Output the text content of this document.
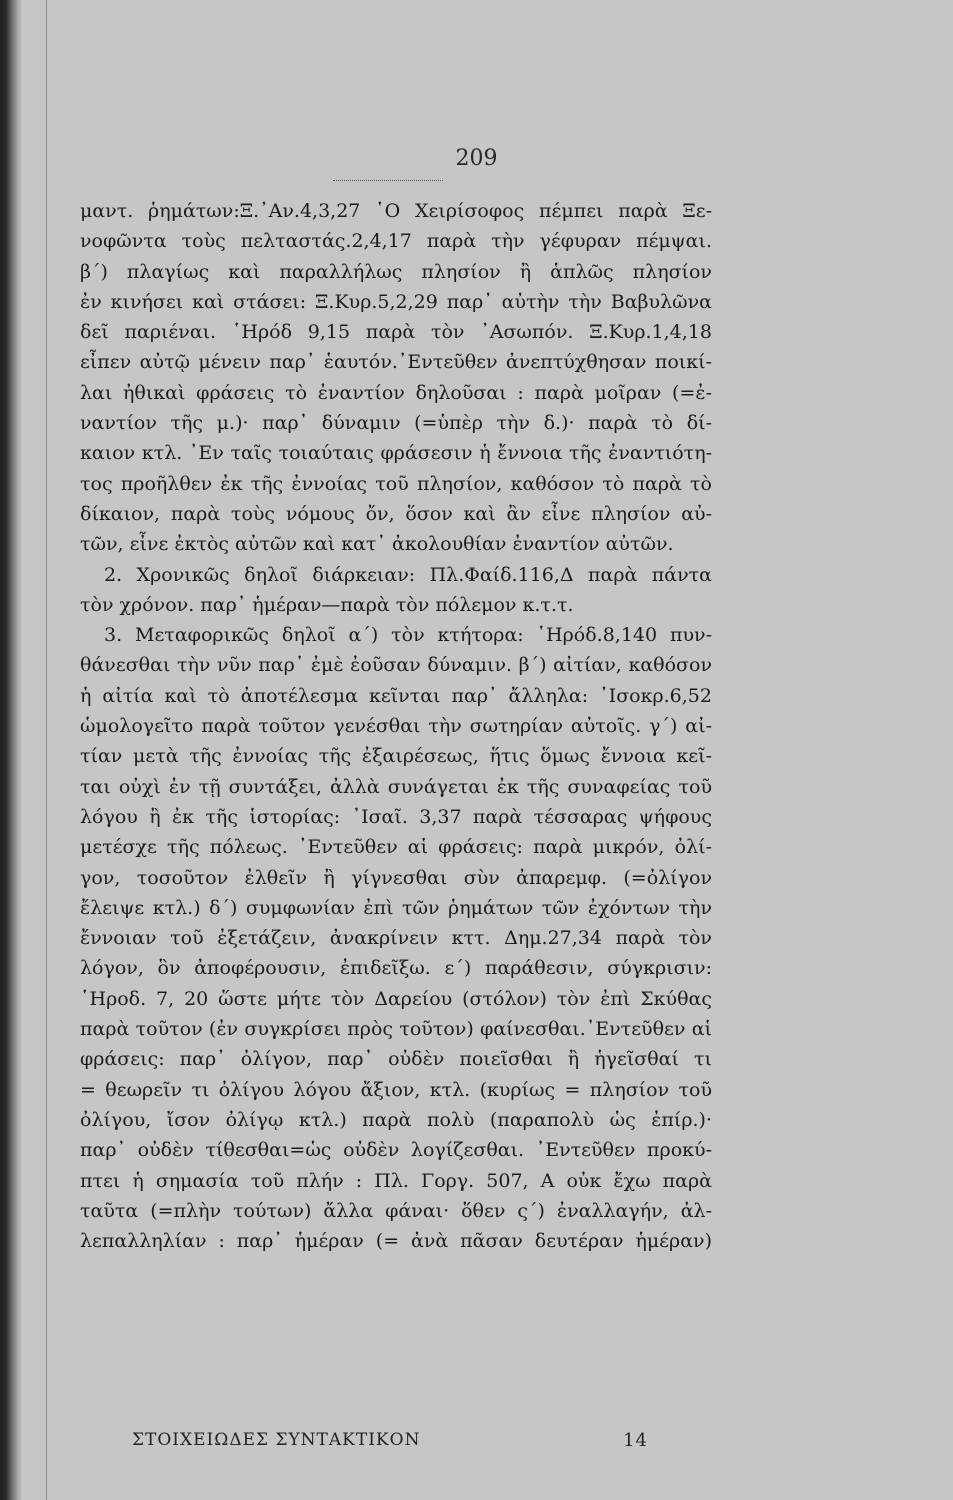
209
μαντ. ῥημάτων:Ξ.᾿Αν.4,3,27 ῾Ο Χειρίσοφος πέμπει παρὰ Ξε-
νοφῶντα τοὺς πελταστάς.2,4,17 παρὰ τὴν γέφυραν πέμψαι.
β΄) πλαγίως καὶ παραλλήλως πλησίον ἢ ἁπλῶς πλησίον
ἐν κινήσει καὶ στάσει: Ξ.Κυρ.5,2,29 παρ᾿ αὐτὴν τὴν Βαβυλῶνα
δεῖ παριέναι. ῾Ηρόδ 9,15 παρὰ τὸν ᾿Ασωπόν. Ξ.Κυρ.1,4,18
εἶπεν αὐτῷ μένειν παρ᾿ ἑαυτόν.᾿Εντεῦθεν ἀνεπτύχθησαν ποικί-
λαι ἠθικαὶ φράσεις τὸ ἐναντίον δηλοῦσαι : παρὰ μοῖραν (=ἐ-
ναντίον τῆς μ.)· παρ᾿ δύναμιν (=ὑπὲρ τὴν δ.)· παρὰ τὸ δί-
καιον κτλ. ᾿Εν ταῖς τοιαύταις φράσεσιν ἡ ἔννοια τῆς ἐναντιότη-
τος προῆλθεν ἐκ τῆς ἐννοίας τοῦ πλησίον, καθόσον τὸ παρὰ τὸ
δίκαιον, παρὰ τοὺς νόμους ὄν, ὅσον καὶ ἂν εἶνε πλησίον αὐ-
τῶν, εἶνε ἐκτὸς αὐτῶν καὶ κατ᾿ ἀκολουθίαν ἐναντίον αὐτῶν.
2. Χρονικῶς δηλοῖ διάρκειαν: Πλ.Φαίδ.116,Δ παρὰ πάντα
τὸν χρόνον. παρ᾿ ἡμέραν—παρὰ τὸν πόλεμον κ.τ.τ.
3. Μεταφορικῶς δηλοῖ α΄) τὸν κτήτορα: ῾Ηρόδ.8,140 πυν-
θάνεσθαι τὴν νῦν παρ᾿ ἐμὲ ἐοῦσαν δύναμιν. β΄) αἰτίαν, καθόσον
ἡ αἰτία καὶ τὸ ἀποτέλεσμα κεῖνται παρ᾿ ἄλληλα: ᾿Ισοκρ.6,52
ὡμολογεῖτο παρὰ τοῦτον γενέσθαι τὴν σωτηρίαν αὐτοῖς. γ΄) αἰ-
τίαν μετὰ τῆς ἐννοίας τῆς ἐξαιρέσεως, ἥτις ὅμως ἔννοια κεῖ-
ται οὐχὶ ἐν τῇ συντάξει, ἀλλὰ συνάγεται ἐκ τῆς συναφείας τοῦ
λόγου ἢ ἐκ τῆς ἱστορίας: ᾿Ισαῖ. 3,37 παρὰ τέσσαρας ψήφους
μετέσχε τῆς πόλεως. ᾿Εντεῦθεν αἱ φράσεις: παρὰ μικρόν, ὀλί-
γον, τοσοῦτον ἐλθεῖν ἢ γίγνεσθαι σὺν ἀπαρεμφ. (=ὀλίγον
ἔλειψε κτλ.) δ΄) συμφωνίαν ἐπὶ τῶν ῥημάτων τῶν ἐχόντων τὴν
ἔννοιαν τοῦ ἐξετάζειν, ἀνακρίνειν κττ. Δημ.27,34 παρὰ τὸν
λόγον, ὃν ἀποφέρουσιν, ἐπιδεῖξω. ε΄) παράθεσιν, σύγκρισιν:
῾Ηροδ. 7, 20 ὥστε μήτε τὸν Δαρείου (στόλον) τὸν ἐπὶ Σκύθας
παρὰ τοῦτον (ἐν συγκρίσει πρὸς τοῦτον) φαίνεσθαι.᾿Εντεῦθεν αἱ
φράσεις: παρ᾿ ὀλίγον, παρ᾿ οὐδὲν ποιεῖσθαι ἢ ἡγεῖσθαί τι
= θεωρεῖν τι ὀλίγου λόγου ἄξιον, κτλ. (κυρίως = πλησίον τοῦ
ὀλίγου, ἴσον ὀλίγῳ κτλ.) παρὰ πολὺ (παραπολὺ ὡς ἐπίρ.)·
παρ᾿ οὐδὲν τίθεσθαι=ὡς οὐδὲν λογίζεσθαι. ᾿Εντεῦθεν προκύ-
πτει ἡ σημασία τοῦ πλήν : Πλ. Γοργ. 507, Α οὐκ ἔχω παρὰ
ταῦτα (=πλὴν τούτων) ἄλλα φάναι· ὅθεν ς΄) ἐναλλαγήν, ἀλ-
λεπαλληλίαν : παρ᾿ ἡμέραν (= ἀνὰ πᾶσαν δευτέραν ἡμέραν)
ΣΤΟΙΧΕΙΩΔΕΣ ΣΥΝΤΑΚΤΙΚΟΝ	14
